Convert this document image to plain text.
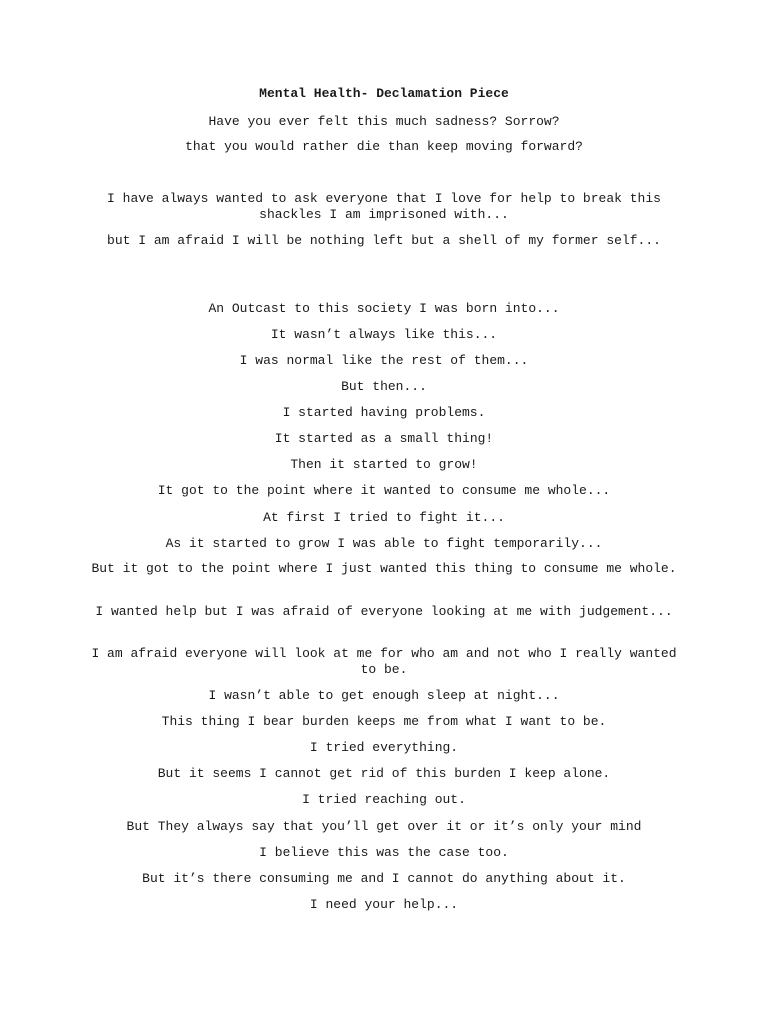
Mental Health- Declamation Piece

Have you ever felt this much sadness? Sorrow?

that you would rather die than keep moving forward?

I have always wanted to ask everyone that I love for help to break this shackles I am imprisoned with...

but I am afraid I will be nothing left but a shell of my former self...

An Outcast to this society I was born into...

It wasn’t always like this...

I was normal like the rest of them...

But then...

I started having problems.

It started as a small thing!

Then it started to grow!

It got to the point where it wanted to consume me whole...

At first I tried to fight it...

As it started to grow I was able to fight temporarily...

But it got to the point where I just wanted this thing to consume me whole.

I wanted help but I was afraid of everyone looking at me with judgement...

I am afraid everyone will look at me for who am and not who I really wanted to be.

I wasn’t able to get enough sleep at night...

This thing I bear burden keeps me from what I want to be.

I tried everything.

But it seems I cannot get rid of this burden I keep alone.

I tried reaching out.

But They always say that you’ll get over it or it’s only your mind

I believe this was the case too.

But it’s there consuming me and I cannot do anything about it.

I need your help...
